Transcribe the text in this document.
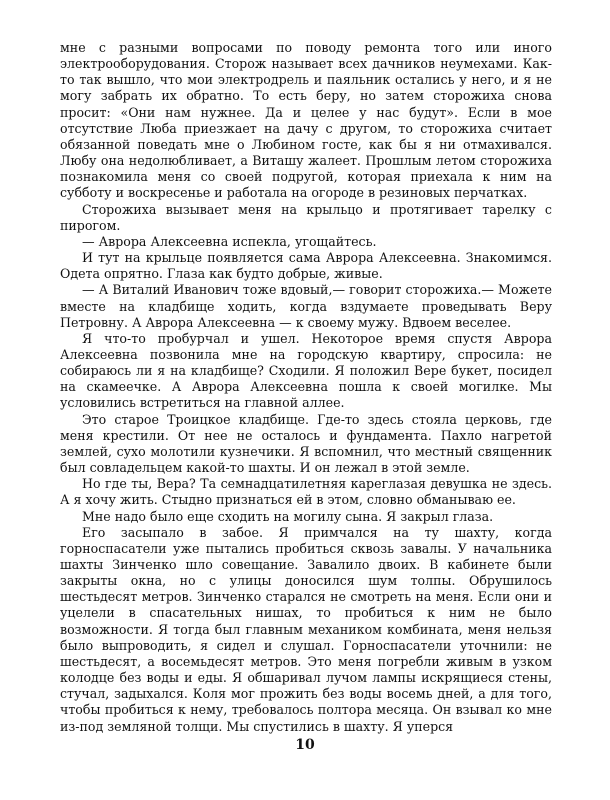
мне с разными вопросами по поводу ремонта того или иного электрооборудования. Сторож называет всех дачников неумехами. Как-то так вышло, что мои электродрель и паяльник остались у него, и я не могу забрать их обратно. То есть беру, но затем сторожиха снова просит: «Они нам нужнее. Да и целее у нас будут». Если в мое отсутствие Люба приезжает на дачу с другом, то сторожиха считает обязанной поведать мне о Любином госте, как бы я ни отмахивался. Любу она недолюбливает, а Виташу жалеет. Прошлым летом сторожиха познакомила меня со своей подругой, которая приехала к ним на субботу и воскресенье и работала на огороде в резиновых перчатках.

Сторожиха вызывает меня на крыльцо и протягивает тарелку с пирогом.

— Аврора Алексеевна испекла, угощайтесь.

И тут на крыльце появляется сама Аврора Алексеевна. Знакомимся. Одета опрятно. Глаза как будто добрые, живые.

— А Виталий Иванович тоже вдовый,— говорит сторожиха.— Можете вместе на кладбище ходить, когда вздумаете проведывать Веру Петровну. А Аврора Алексеевна — к своему мужу. Вдвоем веселее.

Я что-то пробурчал и ушел. Некоторое время спустя Аврора Алексеевна позвонила мне на городскую квартиру, спросила: не собираюсь ли я на кладбище? Сходили. Я положил Вере букет, посидел на скамеечке. А Аврора Алексеевна пошла к своей могилке. Мы условились встретиться на главной аллее.

Это старое Троицкое кладбище. Где-то здесь стояла церковь, где меня крестили. От нее не осталось и фундамента. Пахло нагретой землей, сухо молотили кузнечики. Я вспомнил, что местный священник был совладельцем какой-то шахты. И он лежал в этой земле.

Но где ты, Вера? Та семнадцатилетняя кареглазая девушка не здесь. А я хочу жить. Стыдно признаться ей в этом, словно обманываю ее.

Мне надо было еще сходить на могилу сына. Я закрыл глаза.

Его засыпало в забое. Я примчался на ту шахту, когда горноспасатели уже пытались пробиться сквозь завалы. У начальника шахты Зинченко шло совещание. Завалило двоих. В кабинете были закрыты окна, но с улицы доносился шум толпы. Обрушилось шестьдесят метров. Зинченко старался не смотреть на меня. Если они и уцелели в спасательных нишах, то пробиться к ним не было возможности. Я тогда был главным механиком комбината, меня нельзя было выпроводить, я сидел и слушал. Горноспасатели уточнили: не шестьдесят, а восемьдесят метров. Это меня погребли живым в узком колодце без воды и еды. Я обшаривал лучом лампы искрящиеся стены, стучал, задыхался. Коля мог прожить без воды восемь дней, а для того, чтобы пробиться к нему, требовалось полтора месяца. Он взывал ко мне из-под земляной толщи. Мы спустились в шахту. Я уперся

10
